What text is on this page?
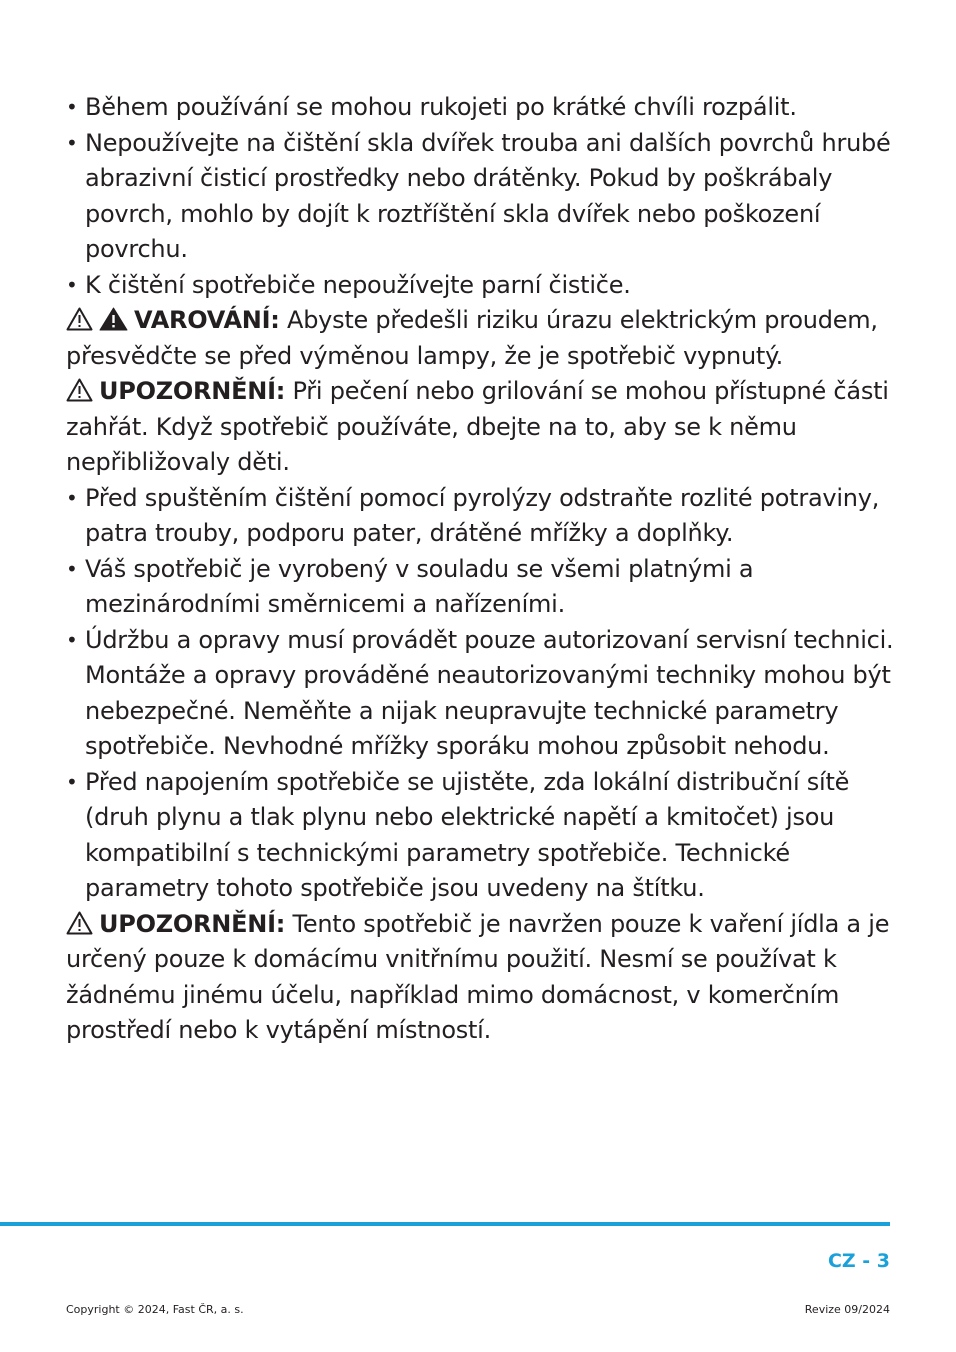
• Během používání se mohou rukojeti po krátké chvíli rozpálit.
• Nepoužívejte na čištění skla dvířek trouba ani dalších povrchů hrubé abrazivní čisticí prostředky nebo drátěnky. Pokud by poškrábaly povrch, mohlo by dojít k roztříštění skla dvířek nebo poškození povrchu.
• K čištění spotřebiče nepoužívejte parní čističe.
VAROVÁNÍ: Abyste předešli riziku úrazu elektrickým proudem, přesvědčte se před výměnou lampy, že je spotřebič vypnutý.
UPOZORNĚNÍ: Při pečení nebo grilování se mohou přístupné části zahřát. Když spotřebič používáte, dbejte na to, aby se k němu nepřibližovaly děti.
• Před spuštěním čištění pomocí pyrolýzy odstraňte rozlité potraviny, patra trouby, podporu pater, drátěné mřížky a doplňky.
• Váš spotřebič je vyrobený v souladu se všemi platnými a mezinárodními směrnicemi a nařízeními.
• Údržbu a opravy musí provádět pouze autorizovaní servisní technici. Montáže a opravy prováděné neautorizovanými techniky mohou být nebezpečné. Neměňte a nijak neupravujte technické parametry spotřebiče. Nevhodné mřížky sporáku mohou způsobit nehodu.
• Před napojením spotřebiče se ujistěte, zda lokální distribuční sítě (druh plynu a tlak plynu nebo elektrické napětí a kmitočet) jsou kompatibilní s technickými parametry spotřebiče. Technické parametry tohoto spotřebiče jsou uvedeny na štítku.
UPOZORNĚNÍ: Tento spotřebič je navržen pouze k vaření jídla a je určený pouze k domácímu vnitřnímu použití. Nesmí se používat k žádnému jinému účelu, například mimo domácnost, v komerčním prostředí nebo k vytápění místností.
CZ - 3
Copyright © 2024, Fast ČR, a. s.	Revize 09/2024
